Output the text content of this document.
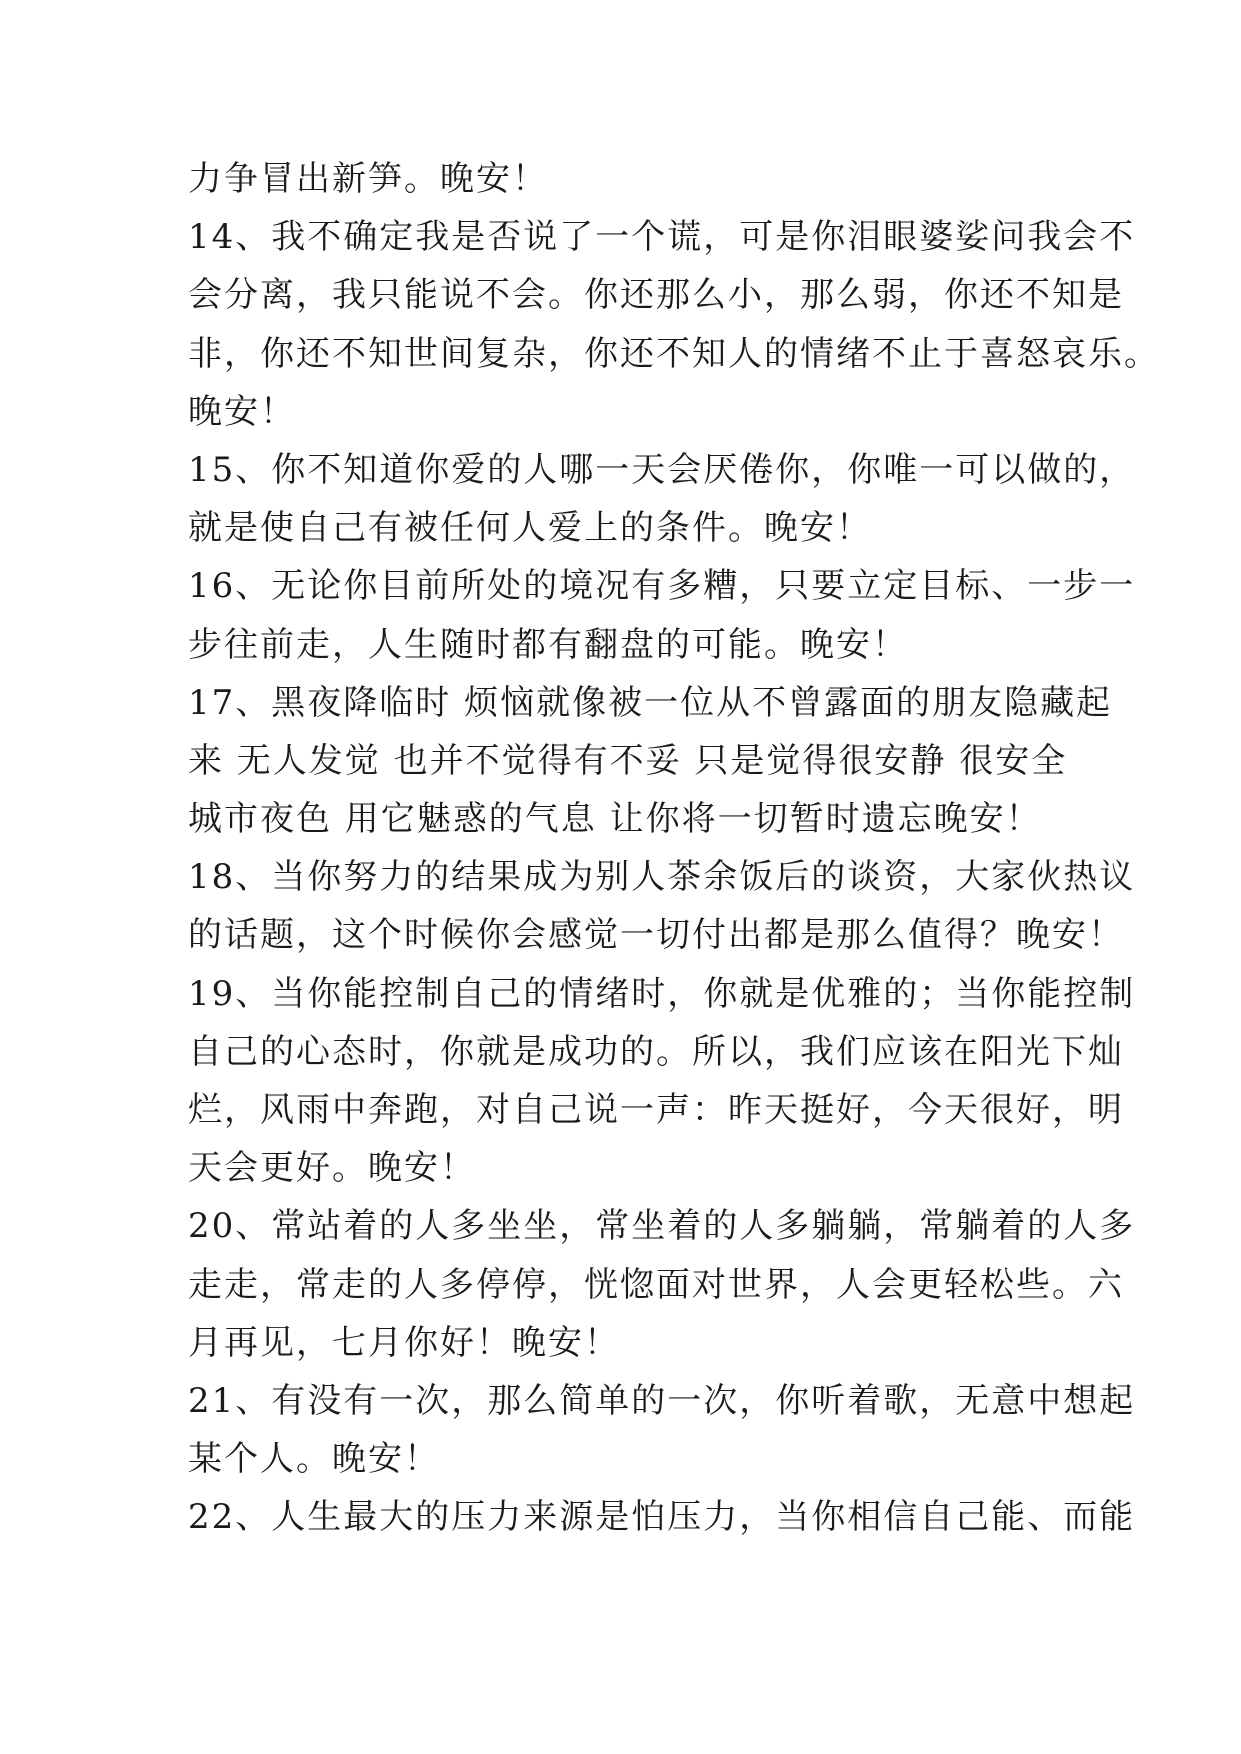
力争冒出新笋。晚安！
14、我不确定我是否说了一个谎，可是你泪眼婆娑问我会不
会分离，我只能说不会。你还那么小，那么弱，你还不知是
非，你还不知世间复杂，你还不知人的情绪不止于喜怒哀乐。
晚安！
15、你不知道你爱的人哪一天会厌倦你，你唯一可以做的，
就是使自己有被任何人爱上的条件。晚安！
16、无论你目前所处的境况有多糟，只要立定目标、一步一
步往前走，人生随时都有翻盘的可能。晚安！
17、黑夜降临时 烦恼就像被一位从不曾露面的朋友隐藏起
来 无人发觉 也并不觉得有不妥 只是觉得很安静 很安全
城市夜色 用它魅惑的气息 让你将一切暂时遗忘晚安！
18、当你努力的结果成为别人茶余饭后的谈资，大家伙热议
的话题，这个时候你会感觉一切付出都是那么值得？晚安！
19、当你能控制自己的情绪时，你就是优雅的；当你能控制
自己的心态时，你就是成功的。所以，我们应该在阳光下灿
烂，风雨中奔跑，对自己说一声：昨天挺好，今天很好，明
天会更好。晚安！
20、常站着的人多坐坐，常坐着的人多躺躺，常躺着的人多
走走，常走的人多停停，恍惚面对世界，人会更轻松些。六
月再见，七月你好！晚安！
21、有没有一次，那么简单的一次，你听着歌，无意中想起
某个人。晚安！
22、人生最大的压力来源是怕压力，当你相信自己能、而能
